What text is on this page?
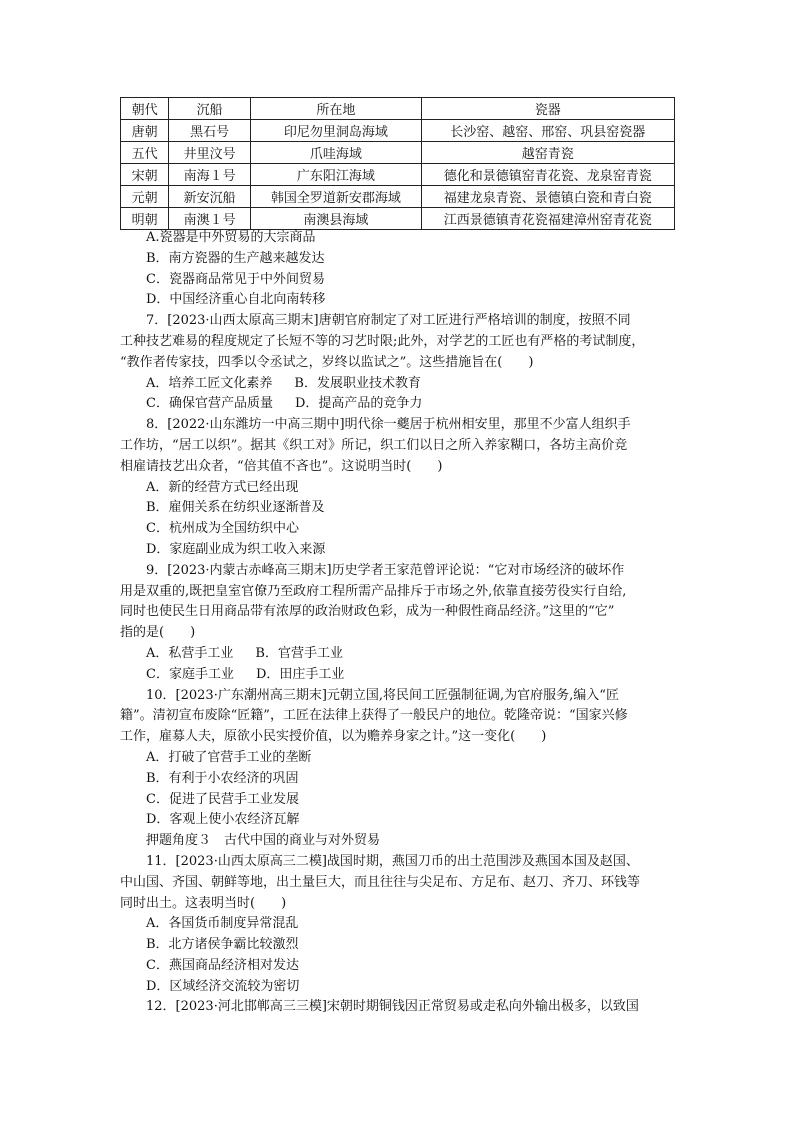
朝代	沉船	所在地	瓷器
唐朝	黑石号	印尼勿里洞岛海域	长沙窑、越窑、邢窑、巩县窑瓷器
五代	井里汶号	爪哇海域	越窑青瓷
宋朝	南海１号	广东阳江海域	德化和景德镇窑青花瓷、龙泉窑青瓷
元朝	新安沉船	韩国全罗道新安郡海域	福建龙泉青瓷、景德镇白瓷和青白瓷
明朝	南澳１号	南澳县海域	江西景德镇青花瓷福建漳州窑青花瓷
A.瓷器是中外贸易的大宗商品
B．南方瓷器的生产越来越发达
C．瓷器商品常见于中外间贸易
D．中国经济重心自北向南转移
7．[2023·山西太原高三期末]唐朝官府制定了对工匠进行严格培训的制度，按照不同
工种技艺难易的程度规定了长短不等的习艺时限;此外，对学艺的工匠也有严格的考试制度，
“教作者传家技，四季以令丞试之，岁终以监试之”。这些措施旨在(　　)
A．培养工匠文化素养 B．发展职业技术教育
C．确保官营产品质量 D．提高产品的竞争力
8．[2022·山东潍坊一中高三期中]明代徐一夔居于杭州相安里，那里不少富人组织手
工作坊，“居工以织”。据其《织工对》所记，织工们以日之所入养家糊口，各坊主高价竞
相雇请技艺出众者，“倍其值不吝也”。这说明当时(　　)
A．新的经营方式已经出现
B．雇佣关系在纺织业逐渐普及
C．杭州成为全国纺织中心
D．家庭副业成为织工收入来源
9．[2023·内蒙古赤峰高三期末]历史学者王家范曾评论说：“它对市场经济的破坏作
用是双重的,既把皇室官僚乃至政府工程所需产品排斥于市场之外,依靠直接劳役实行自给,
同时也使民生日用商品带有浓厚的政治财政色彩，成为一种假性商品经济。”这里的“它”
指的是(　　)
A．私营手工业 B．官营手工业
C．家庭手工业 D．田庄手工业
10．[2023·广东潮州高三期末]元朝立国,将民间工匠强制征调,为官府服务,编入“匠
籍”。清初宣布废除“匠籍”，工匠在法律上获得了一般民户的地位。乾隆帝说：“国家兴修
工作，雇募人夫，原欲小民实授价值，以为赡养身家之计。”这一变化(　　)
A．打破了官营手工业的垄断
B．有利于小农经济的巩固
C．促进了民营手工业发展
D．客观上使小农经济瓦解
押题角度３　古代中国的商业与对外贸易
11．[2023·山西太原高三二模]战国时期，燕国刀币的出土范围涉及燕国本国及赵国、
中山国、齐国、朝鲜等地，出土量巨大，而且往往与尖足布、方足布、赵刀、齐刀、环钱等
同时出土。这表明当时(　　)
A．各国货币制度异常混乱
B．北方诸侯争霸比较激烈
C．燕国商品经济相对发达
D．区域经济交流较为密切
12．[2023·河北邯郸高三三模]宋朝时期铜钱因正常贸易或走私向外输出极多，以致国
